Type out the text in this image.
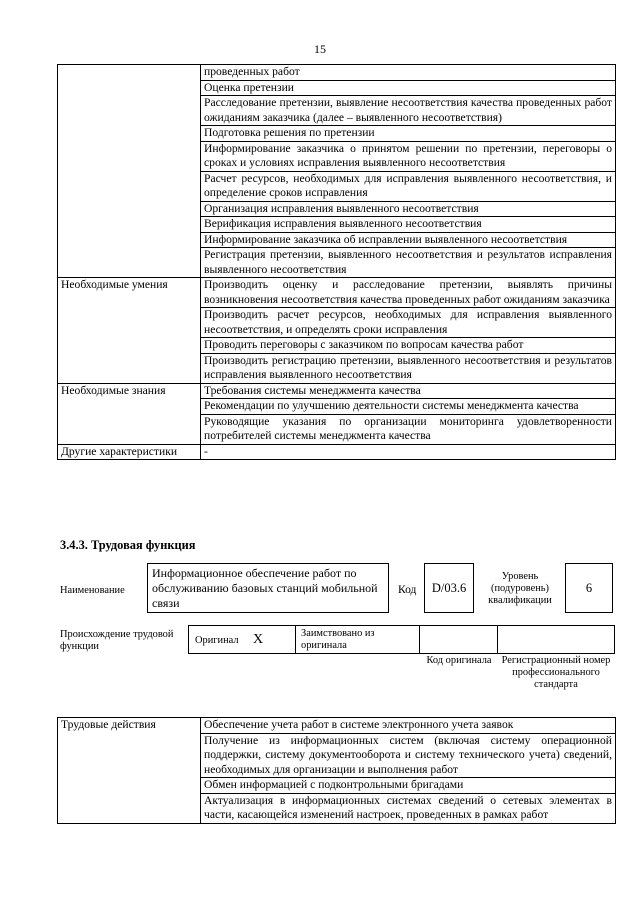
15
	проведенных работ
	Оценка претензии
	Расследование претензии, выявление несоответствия качества проведенных работ ожиданиям заказчика (далее – выявленного несоответствия)
	Подготовка решения по претензии
	Информирование заказчика о принятом решении по претензии, переговоры о сроках и условиях исправления выявленного несоответствия
	Расчет ресурсов, необходимых для исправления выявленного несоответствия, и определение сроков исправления
	Организация исправления выявленного несоответствия
	Верификация исправления выявленного несоответствия
	Информирование заказчика об исправлении выявленного несоответствия
	Регистрация претензии, выявленного несоответствия и результатов исправления выявленного несоответствия
Необходимые умения	Производить оценку и расследование претензии, выявлять причины возникновения несоответствия качества проведенных работ ожиданиям заказчика
	Производить расчет ресурсов, необходимых для исправления выявленного несоответствия, и определять сроки исправления
	Проводить переговоры с заказчиком по вопросам качества работ
	Производить регистрацию претензии, выявленного несоответствия и результатов исправления выявленного несоответствия
Необходимые знания	Требования системы менеджмента качества
	Рекомендации по улучшению деятельности системы менеджмента качества
	Руководящие указания по организации мониторинга удовлетворенности потребителей системы менеджмента качества
Другие характеристики	-
3.4.3. Трудовая функция
Наименование
Информационное обеспечение работ по обслуживанию базовых станций мобильной связи
Код	D/03.6
Уровень (подуровень) квалификации
6
Происхождение трудовой функции
Оригинал X	Заимствовано из оригинала
Код оригинала Регистрационный номер профессионального стандарта
Трудовые действия	Обеспечение учета работ в системе электронного учета заявок
Получение из информационных систем (включая систему операционной поддержки, систему документооборота и систему технического учета) сведений, необходимых для организации и выполнения работ
Обмен информацией с подконтрольными бригадами
Актуализация в информационных системах сведений о сетевых элементах в части, касающейся изменений настроек, проведенных в рамках работ
